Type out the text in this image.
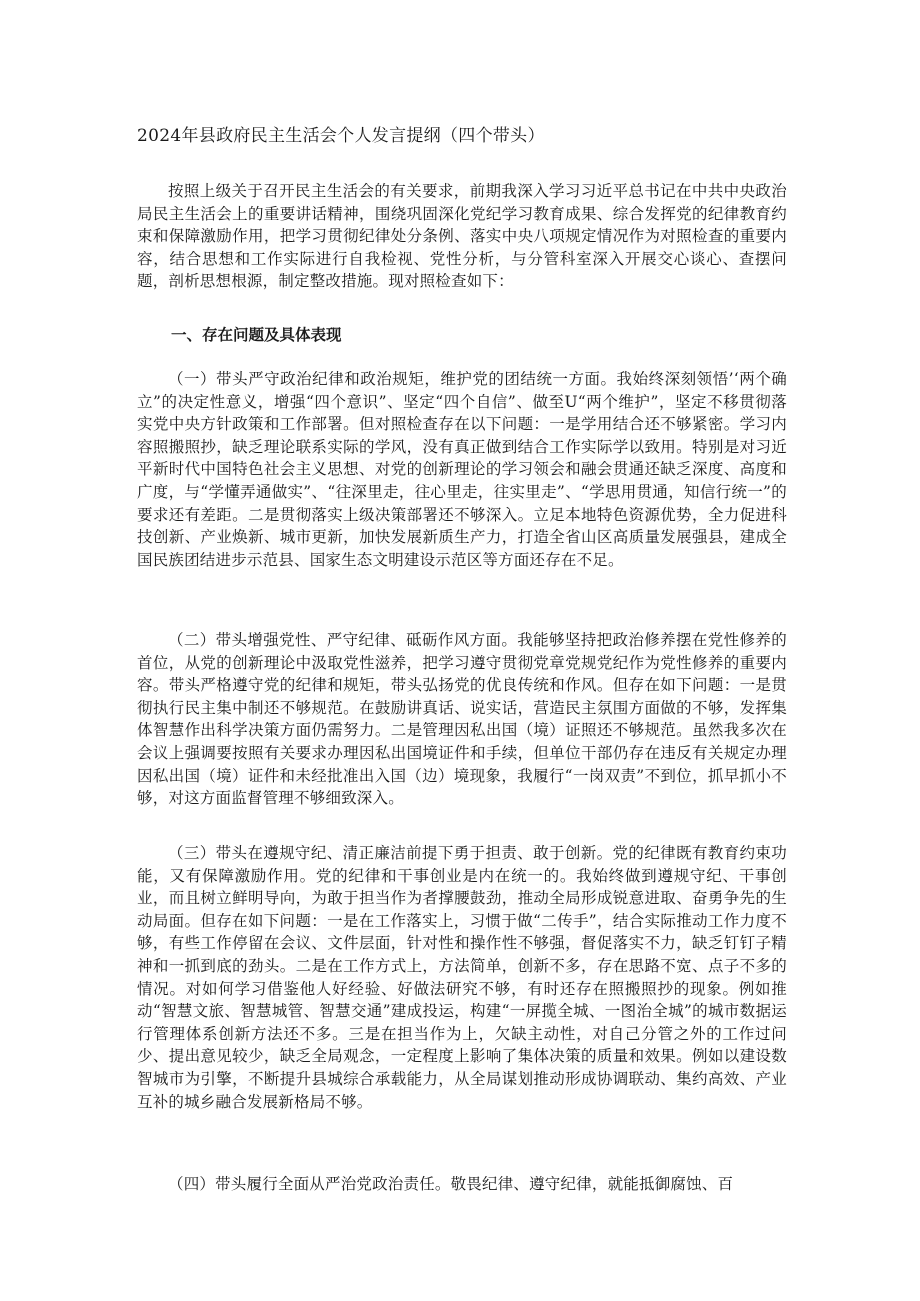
2024年县政府民主生活会个人发言提纲（四个带头）

按照上级关于召开民主生活会的有关要求，前期我深入学习习近平总书记在中共中央政治局民主生活会上的重要讲话精神，围绕巩固深化党纪学习教育成果、综合发挥党的纪律教育约束和保障激励作用，把学习贯彻纪律处分条例、落实中央八项规定情况作为对照检查的重要内容，结合思想和工作实际进行自我检视、党性分析，与分管科室深入开展交心谈心、查摆问题，剖析思想根源，制定整改措施。现对照检查如下：

一、存在问题及具体表现

（一）带头严守政治纪律和政治规矩，维护党的团结统一方面。我始终深刻领悟’‘两个确立”的决定性意义，增强“四个意识”、坚定“四个自信”、做至U“两个维护”，坚定不移贯彻落实党中央方针政策和工作部署。但对照检查存在以下问题：一是学用结合还不够紧密。学习内容照搬照抄，缺乏理论联系实际的学风，没有真正做到结合工作实际学以致用。特别是对习近平新时代中国特色社会主义思想、对党的创新理论的学习领会和融会贯通还缺乏深度、高度和广度，与“学懂弄通做实”、“往深里走，往心里走，往实里走”、“学思用贯通，知信行统一”的要求还有差距。二是贯彻落实上级决策部署还不够深入。立足本地特色资源优势，全力促进科技创新、产业焕新、城市更新，加快发展新质生产力，打造全省山区高质量发展强县，建成全国民族团结进步示范县、国家生态文明建设示范区等方面还存在不足。

（二）带头增强党性、严守纪律、砥砺作风方面。我能够坚持把政治修养摆在党性修养的首位，从党的创新理论中汲取党性滋养，把学习遵守贯彻党章党规党纪作为党性修养的重要内容。带头严格遵守党的纪律和规矩，带头弘扬党的优良传统和作风。但存在如下问题：一是贯彻执行民主集中制还不够规范。在鼓励讲真话、说实话，营造民主氛围方面做的不够，发挥集体智慧作出科学决策方面仍需努力。二是管理因私出国（境）证照还不够规范。虽然我多次在会议上强调要按照有关要求办理因私出国境证件和手续，但单位干部仍存在违反有关规定办理因私出国（境）证件和未经批准出入国（边）境现象，我履行“一岗双责”不到位，抓早抓小不够，对这方面监督管理不够细致深入。

（三）带头在遵规守纪、清正廉洁前提下勇于担责、敢于创新。党的纪律既有教育约束功能，又有保障激励作用。党的纪律和干事创业是内在统一的。我始终做到遵规守纪、干事创业，而且树立鲜明导向，为敢于担当作为者撑腰鼓劲，推动全局形成锐意进取、奋勇争先的生动局面。但存在如下问题：一是在工作落实上，习惯于做“二传手”，结合实际推动工作力度不够，有些工作停留在会议、文件层面，针对性和操作性不够强，督促落实不力，缺乏钉钉子精神和一抓到底的劲头。二是在工作方式上，方法简单，创新不多，存在思路不宽、点子不多的情况。对如何学习借鉴他人好经验、好做法研究不够，有时还存在照搬照抄的现象。例如推动“智慧文旅、智慧城管、智慧交通”建成投运，构建“一屏揽全城、一图治全城”的城市数据运行管理体系创新方法还不多。三是在担当作为上，欠缺主动性，对自己分管之外的工作过问少、提出意见较少，缺乏全局观念，一定程度上影响了集体决策的质量和效果。例如以建设数智城市为引擎，不断提升县城综合承载能力，从全局谋划推动形成协调联动、集约高效、产业互补的城乡融合发展新格局不够。

（四）带头履行全面从严治党政治责任。敬畏纪律、遵守纪律，就能抵御腐蚀、百
